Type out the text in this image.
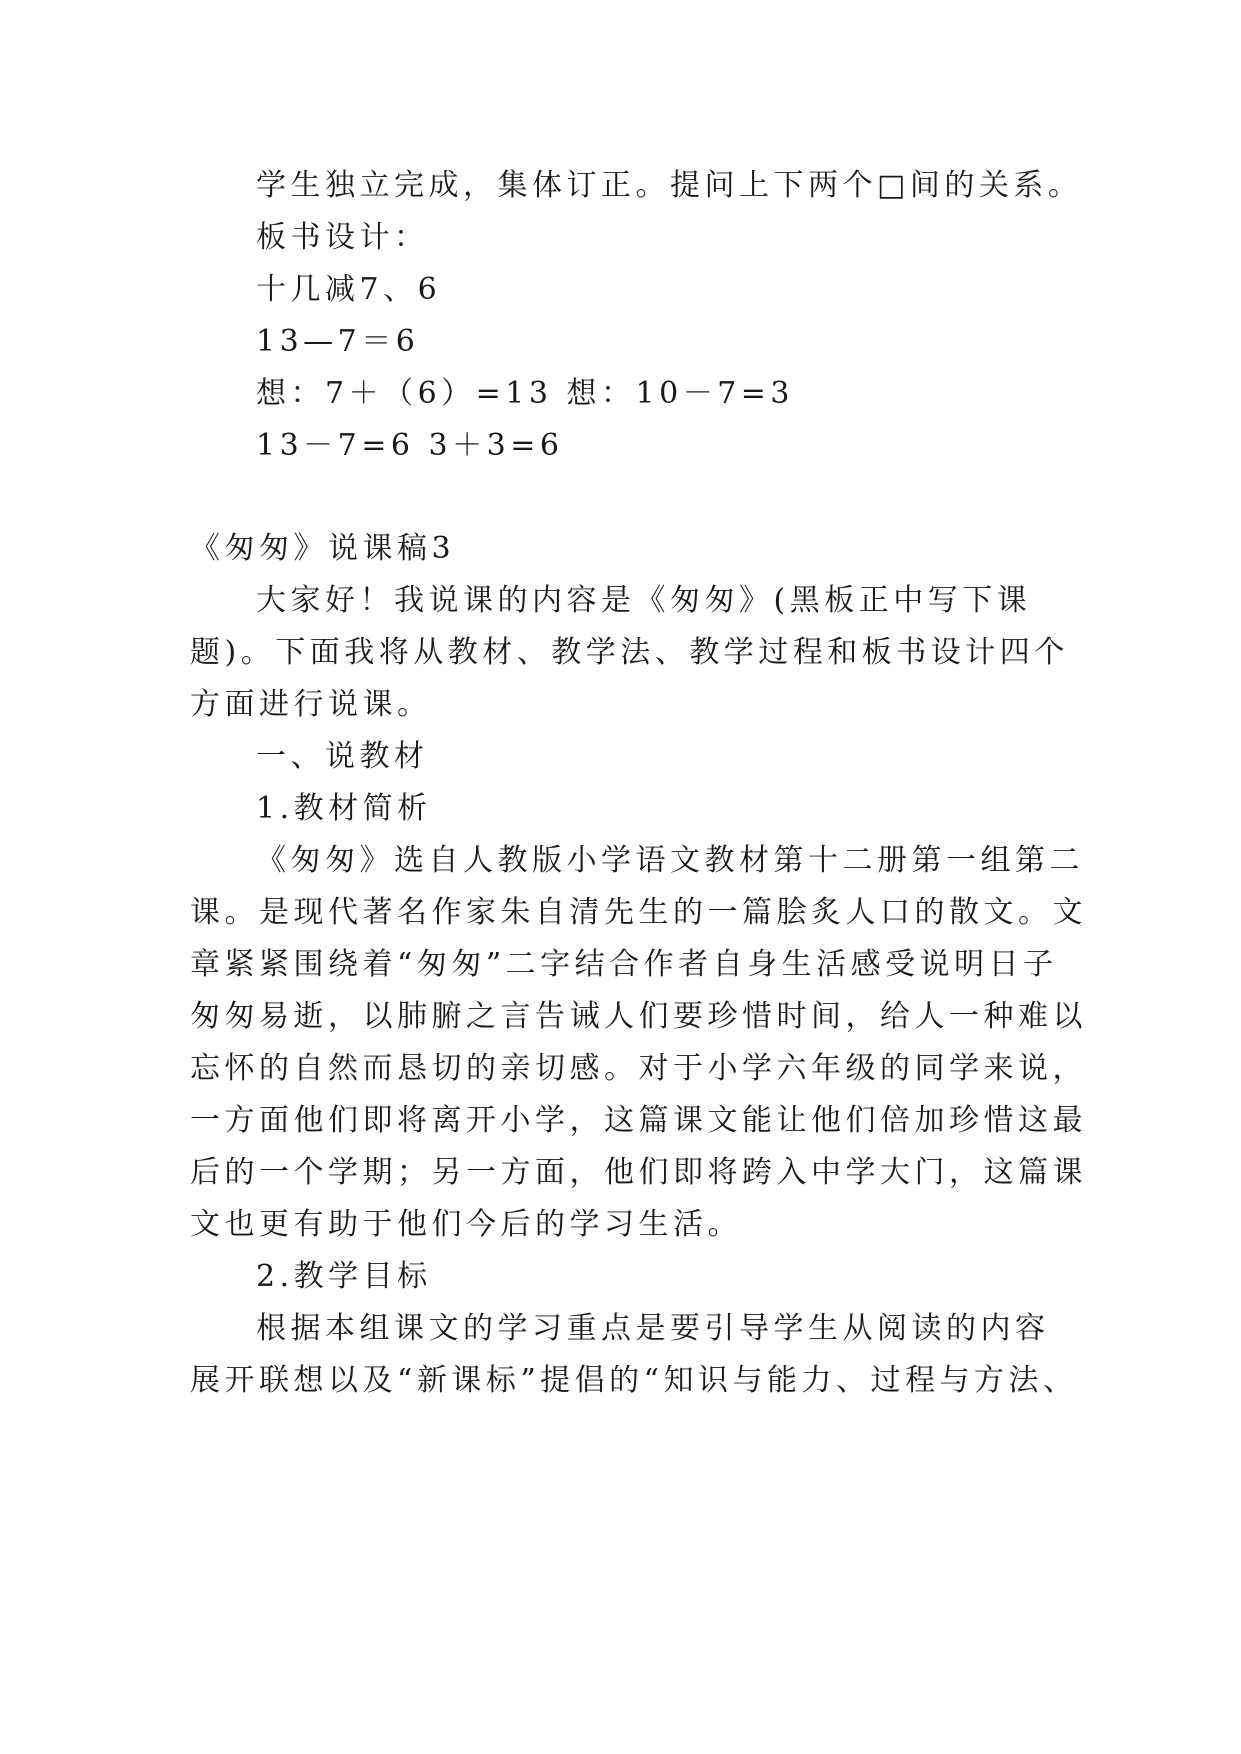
学生独立完成，集体订正。提问上下两个□间的关系。
板书设计：
十几减7、6
13—7＝6
想：7＋（6）=13 想：10－7=3
13－7=6 3＋3=6
《匆匆》说课稿3
大家好！我说课的内容是《匆匆》(黑板正中写下课
题)。下面我将从教材、教学法、教学过程和板书设计四个
方面进行说课。
一、说教材
1.教材简析
《匆匆》选自人教版小学语文教材第十二册第一组第二
课。是现代著名作家朱自清先生的一篇脍炙人口的散文。文
章紧紧围绕着“匆匆”二字结合作者自身生活感受说明日子
匆匆易逝，以肺腑之言告诫人们要珍惜时间，给人一种难以
忘怀的自然而恳切的亲切感。对于小学六年级的同学来说，
一方面他们即将离开小学，这篇课文能让他们倍加珍惜这最
后的一个学期；另一方面，他们即将跨入中学大门，这篇课
文也更有助于他们今后的学习生活。
2.教学目标
根据本组课文的学习重点是要引导学生从阅读的内容
展开联想以及“新课标”提倡的“知识与能力、过程与方法、
